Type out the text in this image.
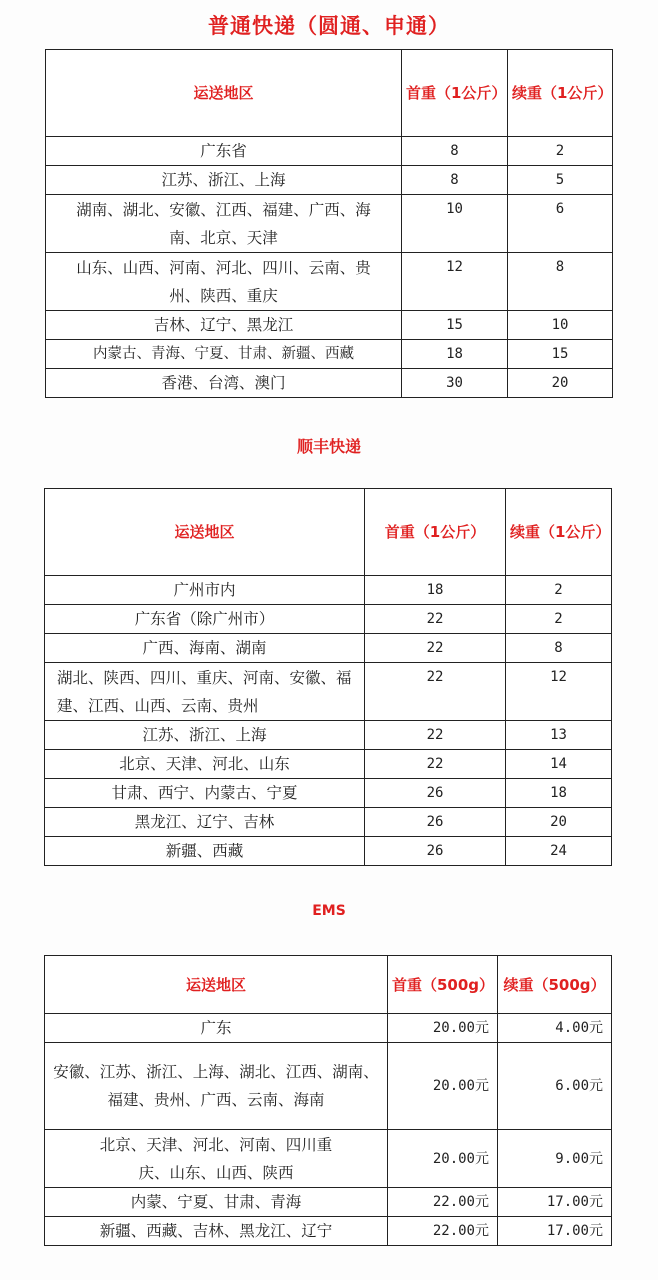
普通快递（圆通、申通）
运送地区	首重（1公斤）	续重（1公斤）
广东省	8	2
江苏、浙江、上海	8	5
湖南、湖北、安徽、江西、福建、广西、海南、北京、天津	10	6
山东、山西、河南、河北、四川、云南、贵州、陕西、重庆	12	8
吉林、辽宁、黑龙江	15	10
内蒙古、青海、宁夏、甘肃、新疆、西藏	18	15
香港、台湾、澳门	30	20
顺丰快递
运送地区	首重（1公斤）	续重（1公斤）
广州市内	18	2
广东省（除广州市）	22	2
广西、海南、湖南	22	8
湖北、陕西、四川、重庆、河南、安徽、福建、江西、山西、云南、贵州	22	12
江苏、浙江、上海	22	13
北京、天津、河北、山东	22	14
甘肃、西宁、内蒙古、宁夏	26	18
黑龙江、辽宁、吉林	26	20
新疆、西藏	26	24
EMS
运送地区	首重（500g）	续重（500g）
广东	20.00元	4.00元
安徽、江苏、浙江、上海、湖北、江西、湖南、福建、贵州、广西、云南、海南	20.00元	6.00元
北京、天津、河北、河南、四川重庆、山东、山西、陕西	20.00元	9.00元
内蒙、宁夏、甘肃、青海	22.00元	17.00元
新疆、西藏、吉林、黑龙江、辽宁	22.00元	17.00元
